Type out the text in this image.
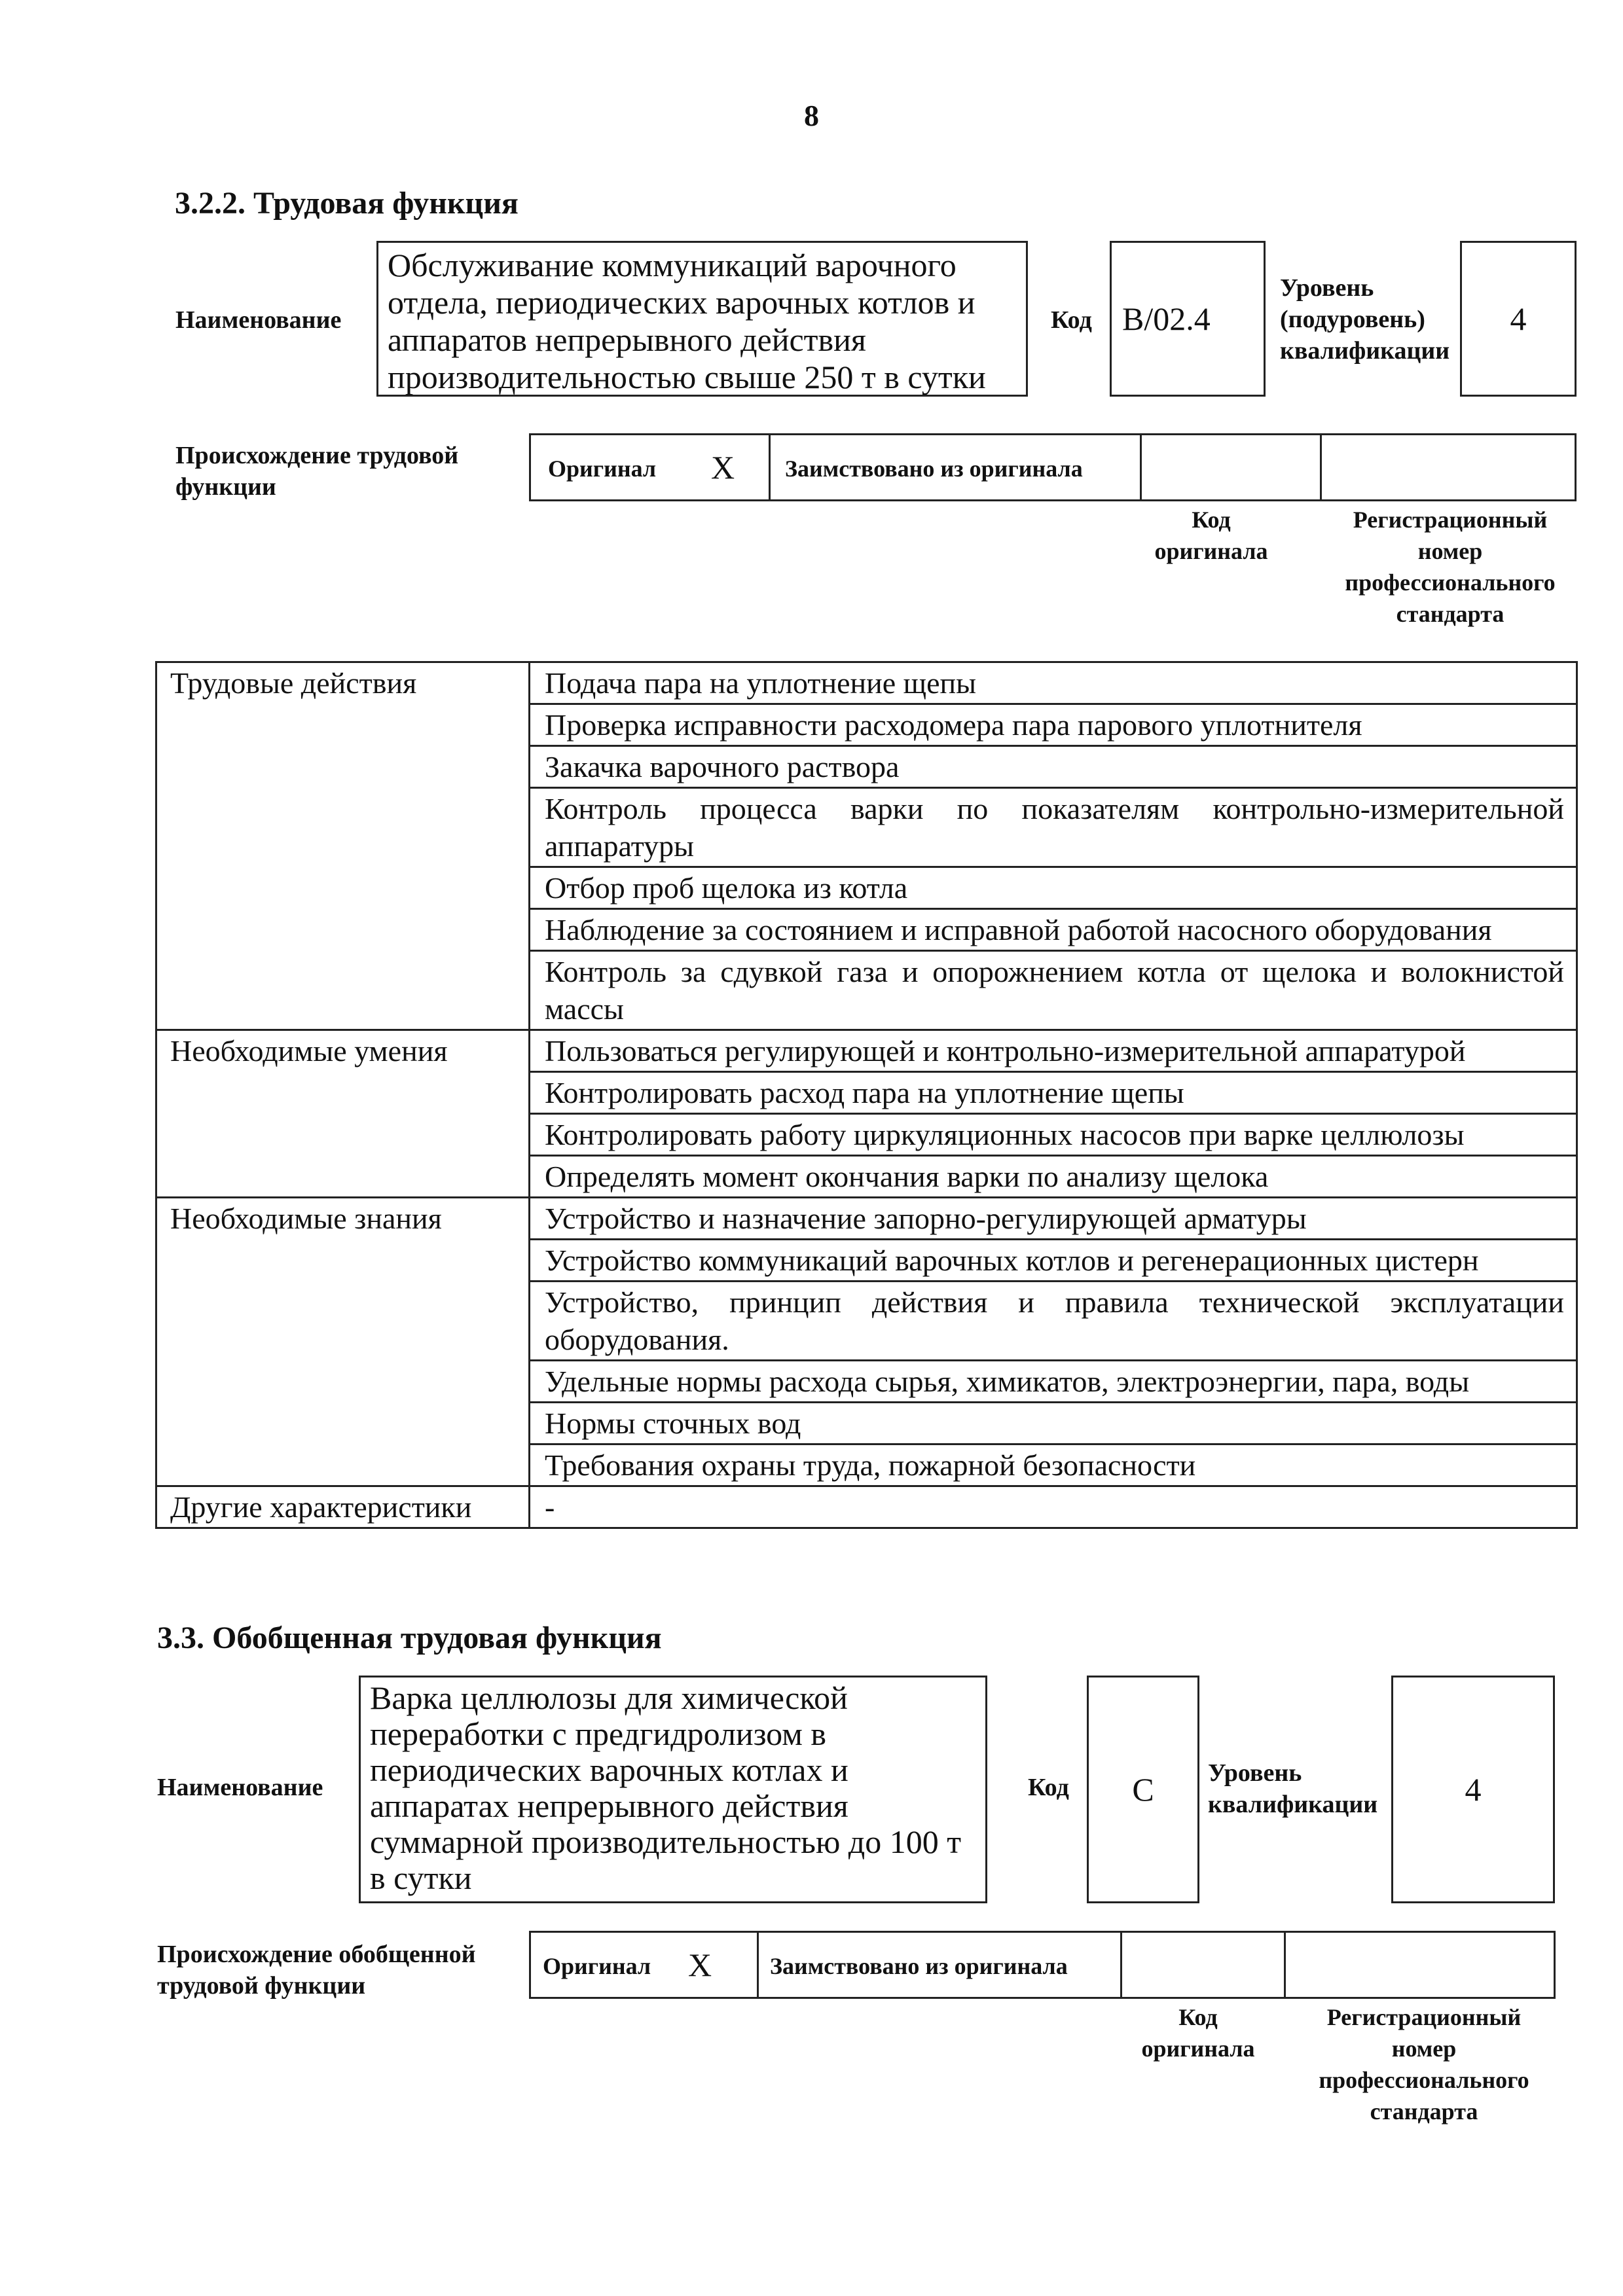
8
3.2.2. Трудовая функция
Наименование
Обслуживание коммуникаций варочного отдела, периодических варочных котлов и аппаратов непрерывного действия производительностью свыше 250 т в сутки
Код B/02.4
Уровень (подуровень) квалификации
4
Происхождение трудовой функции
Оригинал X Заимствовано из оригинала
Код оригинала
Регистрационный номер профессионального стандарта
Трудовые действия	Подача пара на уплотнение щепы
	Проверка исправности расходомера пара парового уплотнителя
	Закачка варочного раствора
	Контроль процесса варки по показателям контрольно-измерительной аппаратуры
	Отбор проб щелока из котла
	Наблюдение за состоянием и исправной работой насосного оборудования
	Контроль за сдувкой газа и опорожнением котла от щелока и волокнистой массы
Необходимые умения	Пользоваться регулирующей и контрольно-измерительной аппаратурой
	Контролировать расход пара на уплотнение щепы
	Контролировать работу циркуляционных насосов при варке целлюлозы
	Определять момент окончания варки по анализу щелока
Необходимые знания	Устройство и назначение запорно-регулирующей арматуры
	Устройство коммуникаций варочных котлов и регенерационных цистерн
	Устройство, принцип действия и правила технической эксплуатации оборудования.
	Удельные нормы расхода сырья, химикатов, электроэнергии, пара, воды
	Нормы сточных вод
	Требования охраны труда, пожарной безопасности
Другие характеристики	-
3.3. Обобщенная трудовая функция
Наименование
Варка целлюлозы для химической переработки с предгидролизом в периодических варочных котлах и аппаратах непрерывного действия суммарной производительностью до 100 т в сутки
Код C Уровень квалификации	4
Происхождение обобщенной трудовой функции
Оригинал X Заимствовано из оригинала
Код оригинала
Регистрационный номер профессионального стандарта
